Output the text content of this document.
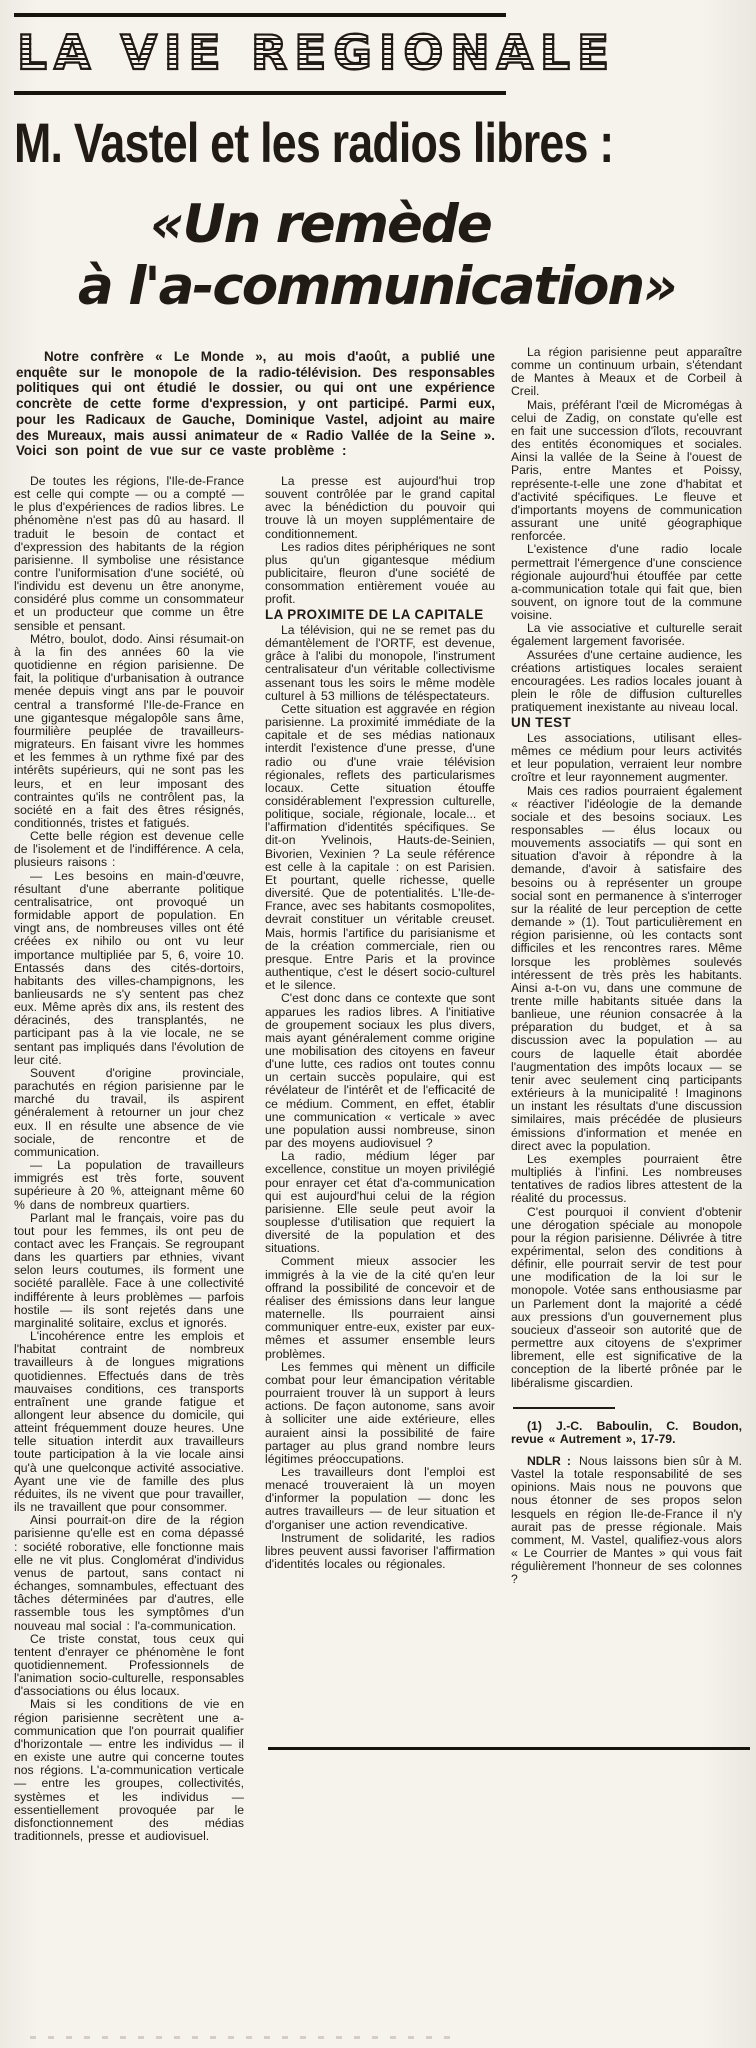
LA VIE REGIONALE
M. Vastel et les radios libres :
«Un remède
à l'a-communication»

Notre confrère « Le Monde », au mois d'août, a publié une enquête sur le monopole de la radio-télévision. Des responsables politiques qui ont étudié le dossier, ou qui ont une expérience concrète de cette forme d'expression, y ont participé. Parmi eux, pour les Radicaux de Gauche, Dominique Vastel, adjoint au maire des Mureaux, mais aussi animateur de « Radio Vallée de la Seine ». Voici son point de vue sur ce vaste problème :

De toutes les régions, l'Ile-de-France est celle qui compte — ou a compté — le plus d'expériences de radios libres. Le phénomène n'est pas dû au hasard. Il traduit le besoin de contact et d'expression des habitants de la région parisienne. Il symbolise une résistance contre l'uniformisation d'une société, où l'individu est devenu un être anonyme, considéré plus comme un consommateur et un producteur que comme un être sensible et pensant.

Métro, boulot, dodo. Ainsi résumait-on à la fin des années 60 la vie quotidienne en région parisienne. De fait, la politique d'urbanisation à outrance menée depuis vingt ans par le pouvoir central a transformé l'Ile-de-France en une gigantesque mégalopôle sans âme, fourmilière peuplée de travailleurs-migrateurs. En faisant vivre les hommes et les femmes à un rythme fixé par des intérêts supérieurs, qui ne sont pas les leurs, et en leur imposant des contraintes qu'ils ne contrôlent pas, la société en a fait des êtres résignés, conditionnés, tristes et fatigués.

Cette belle région est devenue celle de l'isolement et de l'indifférence. A cela, plusieurs raisons :

— Les besoins en main-d'œuvre, résultant d'une aberrante politique centralisatrice, ont provoqué un formidable apport de population. En vingt ans, de nombreuses villes ont été créées ex nihilo ou ont vu leur importance multipliée par 5, 6, voire 10. Entassés dans des cités-dortoirs, habitants des villes-champignons, les banlieusards ne s'y sentent pas chez eux. Même après dix ans, ils restent des déracinés, des transplantés, ne participant pas à la vie locale, ne se sentant pas impliqués dans l'évolution de leur cité.

Souvent d'origine provinciale, parachutés en région parisienne par le marché du travail, ils aspirent généralement à retourner un jour chez eux. Il en résulte une absence de vie sociale, de rencontre et de communication.

— La population de travailleurs immigrés est très forte, souvent supérieure à 20 %, atteignant même 60 % dans de nombreux quartiers.

Parlant mal le français, voire pas du tout pour les femmes, ils ont peu de contact avec les Français. Se regroupant dans les quartiers par ethnies, vivant selon leurs coutumes, ils forment une société parallèle. Face à une collectivité indifférente à leurs problèmes — parfois hostile — ils sont rejetés dans une marginalité solitaire, exclus et ignorés.

L'incohérence entre les emplois et l'habitat contraint de nombreux travailleurs à de longues migrations quotidiennes. Effectués dans de très mauvaises conditions, ces transports entraînent une grande fatigue et allongent leur absence du domicile, qui atteint fréquemment douze heures. Une telle situation interdit aux travailleurs toute participation à la vie locale ainsi qu'à une quelconque activité associative. Ayant une vie de famille des plus réduites, ils ne vivent que pour travailler, ils ne travaillent que pour consommer.

Ainsi pourrait-on dire de la région parisienne qu'elle est en coma dépassé : société roborative, elle fonctionne mais elle ne vit plus. Conglomérat d'individus venus de partout, sans contact ni échanges, somnambules, effectuant des tâches déterminées par d'autres, elle rassemble tous les symptômes d'un nouveau mal social : l'a-communication.

Ce triste constat, tous ceux qui tentent d'enrayer ce phénomène le font quotidiennement. Professionnels de l'animation socio-culturelle, responsables d'associations ou élus locaux.

Mais si les conditions de vie en région parisienne secrètent une a-communication que l'on pourrait qualifier d'horizontale — entre les individus — il en existe une autre qui concerne toutes nos régions. L'a-communication verticale — entre les groupes, collectivités, systèmes et les individus — essentiellement provoquée par le disfonctionnement des médias traditionnels, presse et audiovisuel.

La presse est aujourd'hui trop souvent contrôlée par le grand capital avec la bénédiction du pouvoir qui trouve là un moyen supplémentaire de conditionnement.

Les radios dites périphériques ne sont plus qu'un gigantesque médium publicitaire, fleuron d'une société de consommation entièrement vouée au profit.

LA PROXIMITE DE LA CAPITALE

La télévision, qui ne se remet pas du démantèlement de l'ORTF, est devenue, grâce à l'alibi du monopole, l'instrument centralisateur d'un véritable collectivisme assenant tous les soirs le même modèle culturel à 53 millions de téléspectateurs.

Cette situation est aggravée en région parisienne. La proximité immédiate de la capitale et de ses médias nationaux interdit l'existence d'une presse, d'une radio ou d'une vraie télévision régionales, reflets des particularismes locaux. Cette situation étouffe considérablement l'expression culturelle, politique, sociale, régionale, locale... et l'affirmation d'identités spécifiques. Se dit-on Yvelinois, Hauts-de-Seinien, Bivorien, Vexinien ? La seule référence est celle à la capitale : on est Parisien. Et pourtant, quelle richesse, quelle diversité. Que de potentialités. L'Ile-de-France, avec ses habitants cosmopolites, devrait constituer un véritable creuset. Mais, hormis l'artifice du parisianisme et de la création commerciale, rien ou presque. Entre Paris et la province authentique, c'est le désert socio-culturel et le silence.

C'est donc dans ce contexte que sont apparues les radios libres. A l'initiative de groupement sociaux les plus divers, mais ayant généralement comme origine une mobilisation des citoyens en faveur d'une lutte, ces radios ont toutes connu un certain succès populaire, qui est révélateur de l'intérêt et de l'efficacité de ce médium. Comment, en effet, établir une communication « verticale » avec une population aussi nombreuse, sinon par des moyens audiovisuel ?

La radio, médium léger par excellence, constitue un moyen privilégié pour enrayer cet état d'a-communication qui est aujourd'hui celui de la région parisienne. Elle seule peut avoir la souplesse d'utilisation que requiert la diversité de la population et des situations.

Comment mieux associer les immigrés à la vie de la cité qu'en leur offrand la possibilité de concevoir et de réaliser des émissions dans leur langue maternelle. Ils pourraient ainsi communiquer entre-eux, exister par eux-mêmes et assumer ensemble leurs problèmes.

Les femmes qui mènent un difficile combat pour leur émancipation véritable pourraient trouver là un support à leurs actions. De façon autonome, sans avoir à solliciter une aide extérieure, elles auraient ainsi la possibilité de faire partager au plus grand nombre leurs légitimes préoccupations.

Les travailleurs dont l'emploi est menacé trouveraient là un moyen d'informer la population — donc les autres travailleurs — de leur situation et d'organiser une action revendicative.

Instrument de solidarité, les radios libres peuvent aussi favoriser l'affirmation d'identités locales ou régionales.

La région parisienne peut apparaître comme un continuum urbain, s'étendant de Mantes à Meaux et de Corbeil à Creil.

Mais, préférant l'œil de Micromégas à celui de Zadig, on constate qu'elle est en fait une succession d'îlots, recouvrant des entités économiques et sociales. Ainsi la vallée de la Seine à l'ouest de Paris, entre Mantes et Poissy, représente-t-elle une zone d'habitat et d'activité spécifiques. Le fleuve et d'importants moyens de communication assurant une unité géographique renforcée.

L'existence d'une radio locale permettrait l'émergence d'une conscience régionale aujourd'hui étouffée par cette a-communication totale qui fait que, bien souvent, on ignore tout de la commune voisine.

La vie associative et culturelle serait également largement favorisée.

Assurées d'une certaine audience, les créations artistiques locales seraient encouragées. Les radios locales jouant à plein le rôle de diffusion culturelles pratiquement inexistante au niveau local.

UN TEST

Les associations, utilisant elles-mêmes ce médium pour leurs activités et leur population, verraient leur nombre croître et leur rayonnement augmenter.

Mais ces radios pourraient également « réactiver l'idéologie de la demande sociale et des besoins sociaux. Les responsables — élus locaux ou mouvements associatifs — qui sont en situation d'avoir à répondre à la demande, d'avoir à satisfaire des besoins ou à représenter un groupe social sont en permanence à s'interroger sur la réalité de leur perception de cette demande » (1). Tout particulièrement en région parisienne, où les contacts sont difficiles et les rencontres rares. Même lorsque les problèmes soulevés intéressent de très près les habitants. Ainsi a-t-on vu, dans une commune de trente mille habitants située dans la banlieue, une réunion consacrée à la préparation du budget, et à sa discussion avec la population — au cours de laquelle était abordée l'augmentation des impôts locaux — se tenir avec seulement cinq participants extérieurs à la municipalité ! Imaginons un instant les résultats d'une discussion similaires, mais précédée de plusieurs émissions d'information et menée en direct avec la population.

Les exemples pourraient être multipliés à l'infini. Les nombreuses tentatives de radios libres attestent de la réalité du processus.

C'est pourquoi il convient d'obtenir une dérogation spéciale au monopole pour la région parisienne. Délivrée à titre expérimental, selon des conditions à définir, elle pourrait servir de test pour une modification de la loi sur le monopole. Votée sans enthousiasme par un Parlement dont la majorité a cédé aux pressions d'un gouvernement plus soucieux d'asseoir son autorité que de permettre aux citoyens de s'exprimer librement, elle est significative de la conception de la liberté prônée par le libéralisme giscardien.

(1) J.-C. Baboulin, C. Boudon, revue « Autrement », 17-79.

NDLR : Nous laissons bien sûr à M. Vastel la totale responsabilité de ses opinions. Mais nous ne pouvons que nous étonner de ses propos selon lesquels en région Ile-de-France il n'y aurait pas de presse régionale. Mais comment, M. Vastel, qualifiez-vous alors « Le Courrier de Mantes » qui vous fait régulièrement l'honneur de ses colonnes ?
